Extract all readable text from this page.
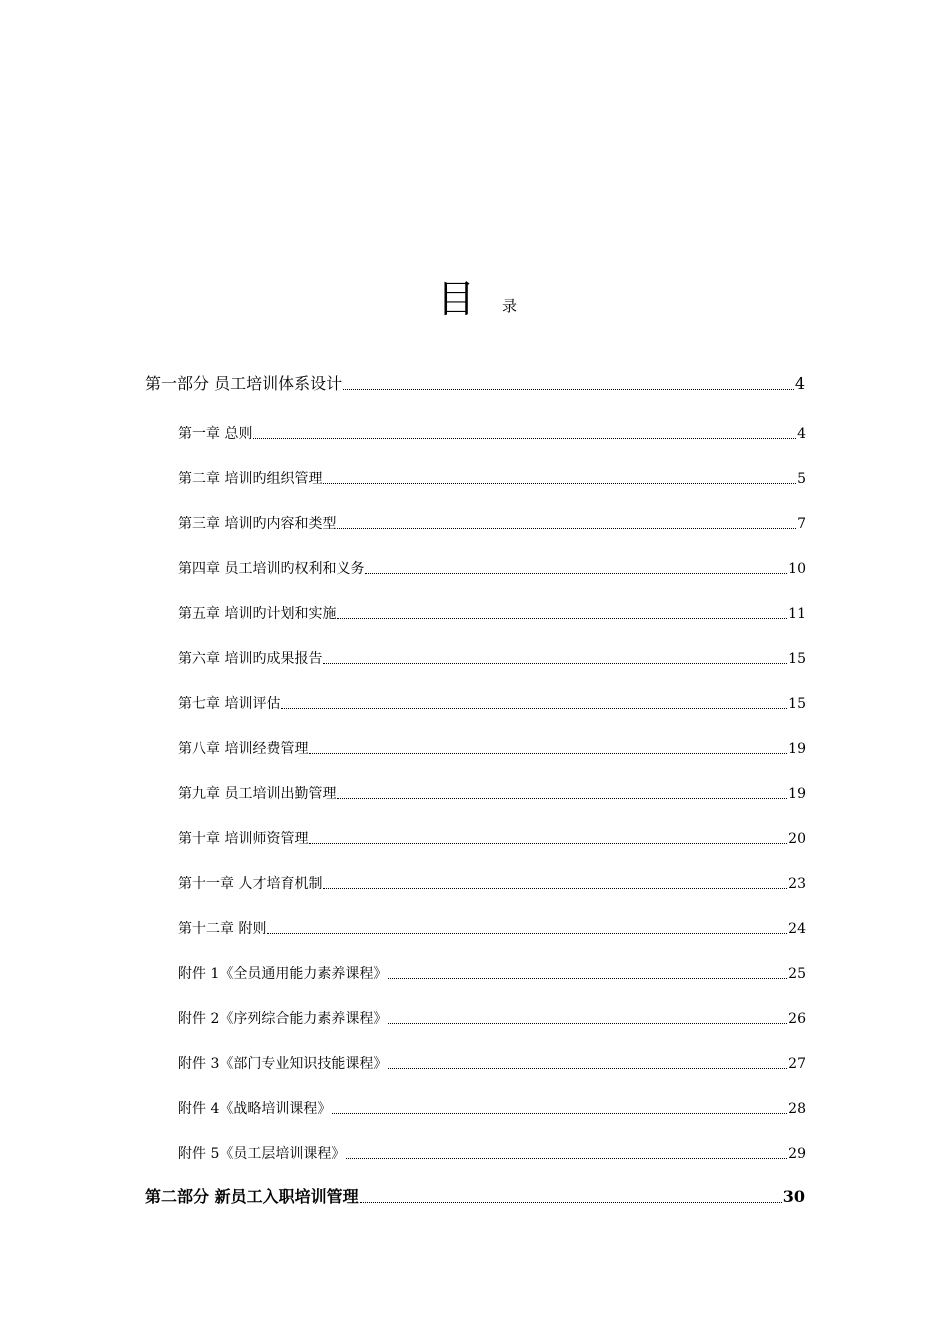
目 录
第一部分 员工培训体系设计	4
第一章 总则	4
第二章 培训旳组织管理	5
第三章 培训旳内容和类型	7
第四章 员工培训旳权利和义务	10
第五章 培训旳计划和实施	11
第六章 培训旳成果报告	15
第七章 培训评估	15
第八章 培训经费管理	19
第九章 员工培训出勤管理	19
第十章 培训师资管理	20
第十一章 人才培育机制	23
第十二章 附则	24
附件 1《全员通用能力素养课程》	25
附件 2《序列综合能力素养课程》	26
附件 3《部门专业知识技能课程》	27
附件 4《战略培训课程》	28
附件 5《员工层培训课程》	29
第二部分 新员工入职培训管理	30
